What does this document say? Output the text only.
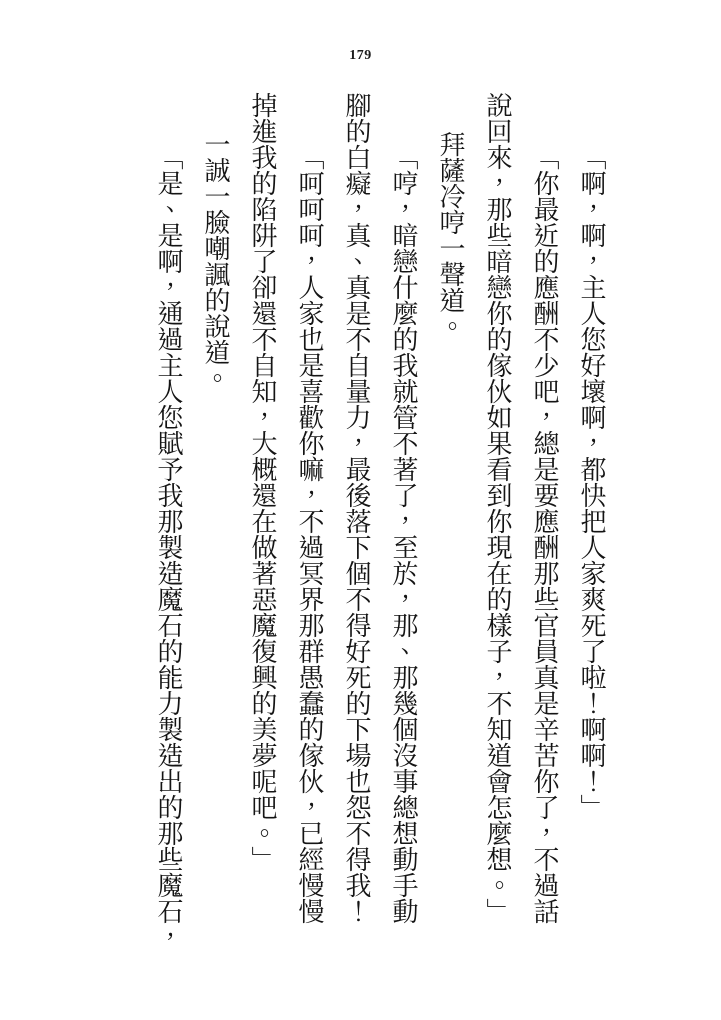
179

「啊，啊，主人您好壞啊，都快把人家爽死了啦！啊啊！」

「你最近的應酬不少吧，總是要應酬那些官員真是辛苦你了，不過話

說回來，那些暗戀你的傢伙如果看到你現在的樣子，不知道會怎麼想。」

拜薩冷哼一聲道。

「哼，暗戀什麼的我就管不著了，至於，那、那幾個沒事總想動手動

腳的白癡，真、真是不自量力，最後落下個不得好死的下場也怨不得我！

「呵呵呵，人家也是喜歡你嘛，不過冥界那群愚蠢的傢伙，已經慢慢

掉進我的陷阱了卻還不自知，大概還在做著惡魔復興的美夢呢吧。」

一誠一臉嘲諷的說道。

「是、是啊，通過主人您賦予我那製造魔石的能力製造出的那些魔石，
